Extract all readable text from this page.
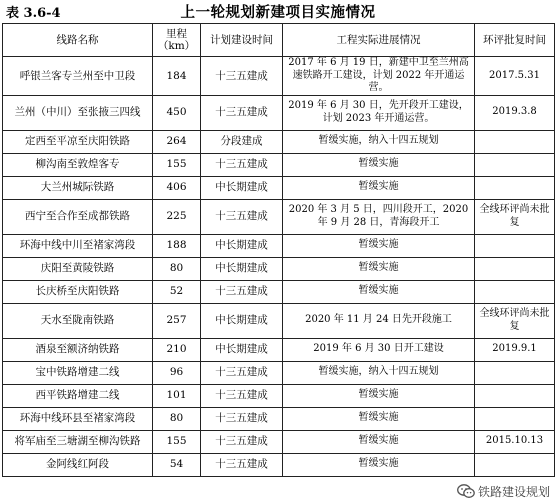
表 3.6-4	上一轮规划新建项目实施情况
线路名称	里程（km）	计划建设时间	工程实际进展情况	环评批复时间
呼银兰客专兰州至中卫段	184	十三五建成	2017 年 6 月 19 日，新建中卫至兰州高速铁路开工建设，计划 2022 年开通运营。	2017.5.31
兰州（中川）至张掖三四线	450	十三五建成	2019 年 6 月 30 日，先开段开工建设，计划 2023 年开通运营。	2019.3.8
定西至平凉至庆阳铁路	264	分段建成	暂缓实施，纳入十四五规划	
柳沟南至敦煌客专	155	十三五建成	暂缓实施	
大兰州城际铁路	406	中长期建成	暂缓实施	
西宁至合作至成都铁路	225	十三五建成	2020 年 3 月 5 日，四川段开工，2020 年 9 月 28 日，青海段开工	全线环评尚未批复
环海中线中川至褚家湾段	188	中长期建成	暂缓实施	
庆阳至黄陵铁路	80	中长期建成	暂缓实施	
长庆桥至庆阳铁路	52	十三五建成	暂缓实施	
天水至陇南铁路	257	中长期建成	2020 年 11 月 24 日先开段施工	全线环评尚未批复
酒泉至额济纳铁路	210	中长期建成	2019 年 6 月 30 日开工建设	2019.9.1
宝中铁路增建二线	96	十三五建成	暂缓实施，纳入十四五规划	
西平铁路增建二线	101	十三五建成	暂缓实施	
环海中线环县至褚家湾段	80	十三五建成	暂缓实施	
将军庙至三塘湖至柳沟铁路	155	十三五建成	暂缓实施	2015.10.13
金阿线红阿段	54	十三五建成	暂缓实施	
铁路建设规划
